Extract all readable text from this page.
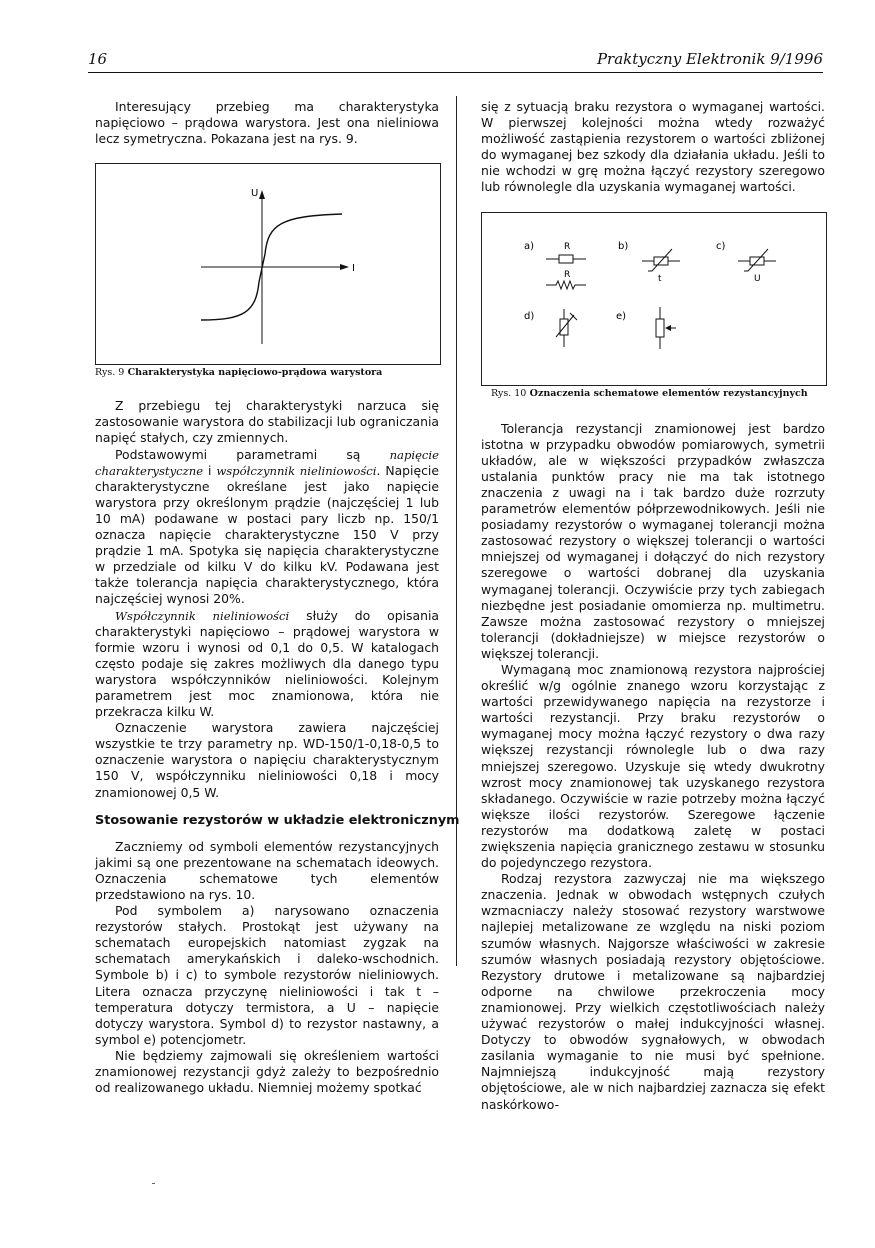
16	Praktyczny Elektronik 9/1996

Interesujący przebieg ma charakterystyka napięciowo – prądowa warystora. Jest ona nieliniowa lecz symetryczna. Pokazana jest na rys. 9.

U
I

Rys. 9 Charakterystyka napięciowo-prądowa warystora

Z przebiegu tej charakterystyki narzuca się zastosowanie warystora do stabilizacji lub ograniczania napięć stałych, czy zmiennych.

Podstawowymi parametrami są napięcie charakterystyczne i współczynnik nieliniowości. Napięcie charakterystyczne określane jest jako napięcie warystora przy określonym prądzie (najczęściej 1 lub 10 mA) podawane w postaci pary liczb np. 150/1 oznacza napięcie charakterystyczne 150 V przy prądzie 1 mA. Spotyka się napięcia charakterystyczne w przedziale od kilku V do kilku kV. Podawana jest także tolerancja napięcia charakterystycznego, która najczęściej wynosi 20%.

Współczynnik nieliniowości służy do opisania charakterystyki napięciowo – prądowej warystora w formie wzoru i wynosi od 0,1 do 0,5. W katalogach często podaje się zakres możliwych dla danego typu warystora współczynników nieliniowości. Kolejnym parametrem jest moc znamionowa, która nie przekracza kilku W.

Oznaczenie warystora zawiera najczęściej wszystkie te trzy parametry np. WD-150/1-0,18-0,5 to oznaczenie warystora o napięciu charakterystycznym 150 V, współczynniku nieliniowości 0,18 i mocy znamionowej 0,5 W.

Stosowanie rezystorów w układzie elektronicznym

Zaczniemy od symboli elementów rezystancyjnych jakimi są one prezentowane na schematach ideowych. Oznaczenia schematowe tych elementów przedstawiono na rys. 10.

Pod symbolem a) narysowano oznaczenia rezystorów stałych. Prostokąt jest używany na schematach europejskich natomiast zygzak na schematach amerykańskich i daleko-wschodnich. Symbole b) i c) to symbole rezystorów nieliniowych. Litera oznacza przyczynę nieliniowości i tak t – temperatura dotyczy termistora, a U – napięcie dotyczy warystora. Symbol d) to rezystor nastawny, a symbol e) potencjometr.

Nie będziemy zajmowali się określeniem wartości znamionowej rezystancji gdyż zależy to bezpośrednio od realizowanego układu. Niemniej możemy spotkać

się z sytuacją braku rezystora o wymaganej wartości. W pierwszej kolejności można wtedy rozważyć możliwość zastąpienia rezystorem o wartości zbliżonej do wymaganej bez szkody dla działania układu. Jeśli to nie wchodzi w grę można łączyć rezystory szeregowo lub równolegle dla uzyskania wymaganej wartości.

a)	R
R
b)
t
c)
U
d)	e)

Rys. 10 Oznaczenia schematowe elementów rezystancyjnych

Tolerancja rezystancji znamionowej jest bardzo istotna w przypadku obwodów pomiarowych, symetrii układów, ale w większości przypadków zwłaszcza ustalania punktów pracy nie ma tak istotnego znaczenia z uwagi na i tak bardzo duże rozrzuty parametrów elementów półprzewodnikowych. Jeśli nie posiadamy rezystorów o wymaganej tolerancji można zastosować rezystory o większej tolerancji o wartości mniejszej od wymaganej i dołączyć do nich rezystory szeregowe o wartości dobranej dla uzyskania wymaganej tolerancji. Oczywiście przy tych zabiegach niezbędne jest posiadanie omomierza np. multimetru. Zawsze można zastosować rezystory o mniejszej tolerancji (dokładniejsze) w miejsce rezystorów o większej tolerancji.

Wymaganą moc znamionową rezystora najprościej określić w/g ogólnie znanego wzoru korzystając z wartości przewidywanego napięcia na rezystorze i wartości rezystancji. Przy braku rezystorów o wymaganej mocy można łączyć rezystory o dwa razy większej rezystancji równolegle lub o dwa razy mniejszej szeregowo. Uzyskuje się wtedy dwukrotny wzrost mocy znamionowej tak uzyskanego rezystora składanego. Oczywiście w razie potrzeby można łączyć większe ilości rezystorów. Szeregowe łączenie rezystorów ma dodatkową zaletę w postaci zwiększenia napięcia granicznego zestawu w stosunku do pojedynczego rezystora.

Rodzaj rezystora zazwyczaj nie ma większego znaczenia. Jednak w obwodach wstępnych czułych wzmacniaczy należy stosować rezystory warstwowe najlepiej metalizowane ze względu na niski poziom szumów własnych. Najgorsze właściwości w zakresie szumów własnych posiadają rezystory objętościowe. Rezystory drutowe i metalizowane są najbardziej odporne na chwilowe przekroczenia mocy znamionowej. Przy wielkich częstotliwościach należy używać rezystorów o małej indukcyjności własnej. Dotyczy to obwodów sygnałowych, w obwodach zasilania wymaganie to nie musi być spełnione. Najmniejszą indukcyjność mają rezystory objętościowe, ale w nich najbardziej zaznacza się efekt naskórkowo-
